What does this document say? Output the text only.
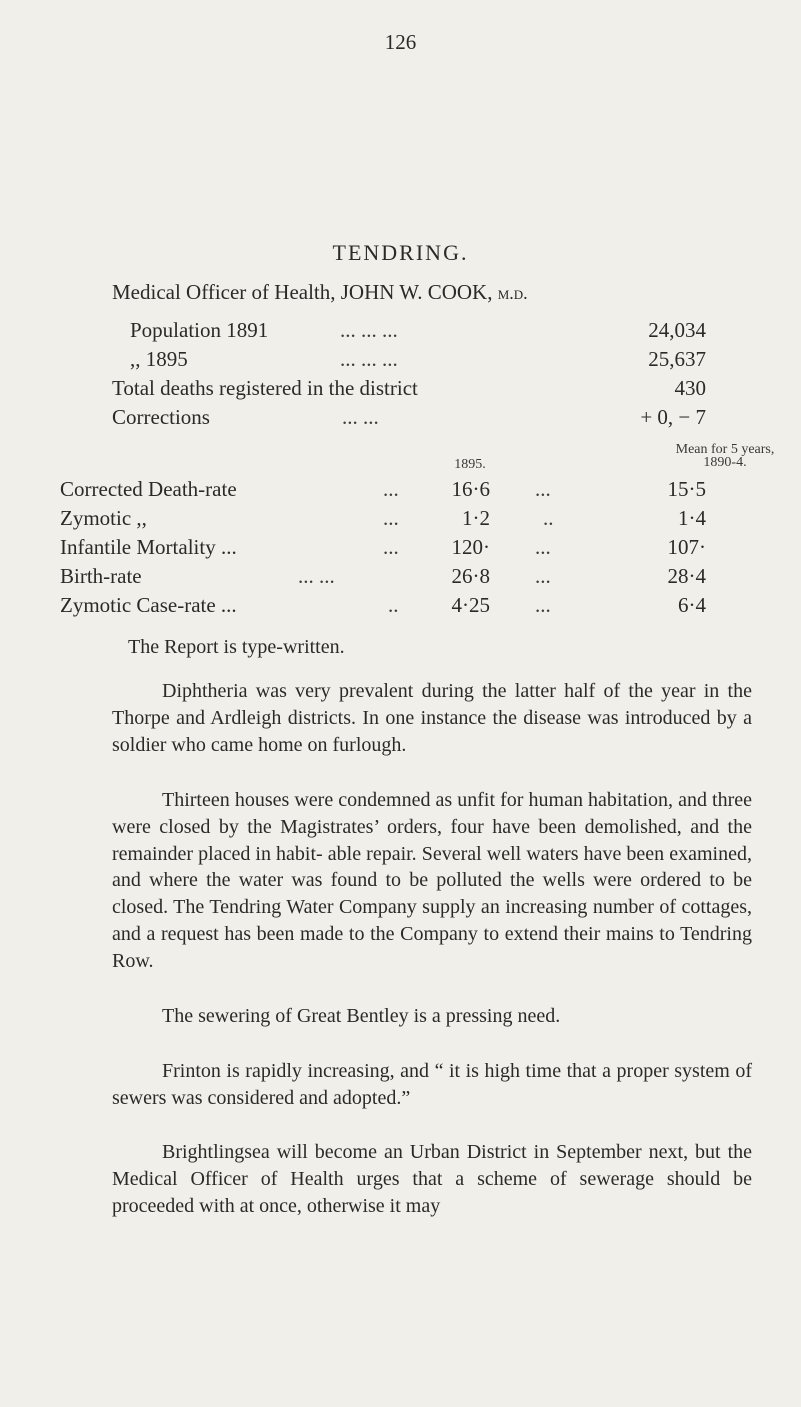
126
TENDRING.
Medical Officer of Health, JOHN W. COOK, m.d.
Population 1891	... ... ...	24,034
,, 1895	... ... ...	25,637
Total deaths registered in the district	430
Corrections	... ...	+ 0, − 7
1895.
Mean for 5 years,
1890-4.
Corrected Death-rate	...	16·6 ...	15·5
Zymotic ,,	...	1·2	..	1·4
Infantile Mortality ...	...	120· ...	107·
Birth-rate	... ...	26·8 ...	28·4
Zymotic Case-rate ...	..	4·25 ...	6·4
The Report is type-written.

Diphtheria was very prevalent during the latter half of the year in the Thorpe and Ardleigh districts. In one instance the disease was introduced by a soldier who came home on furlough.

Thirteen houses were condemned as unfit for human habitation, and three were closed by the Magistrates’ orders, four have been demolished, and the remainder placed in habit- able repair. Several well waters have been examined, and where the water was found to be polluted the wells were ordered to be closed. The Tendring Water Company supply an increasing number of cottages, and a request has been made to the Company to extend their mains to Tendring Row.

The sewering of Great Bentley is a pressing need.

Frinton is rapidly increasing, and “ it is high time that a proper system of sewers was considered and adopted.”

Brightlingsea will become an Urban District in September next, but the Medical Officer of Health urges that a scheme of sewerage should be proceeded with at once, otherwise it may
